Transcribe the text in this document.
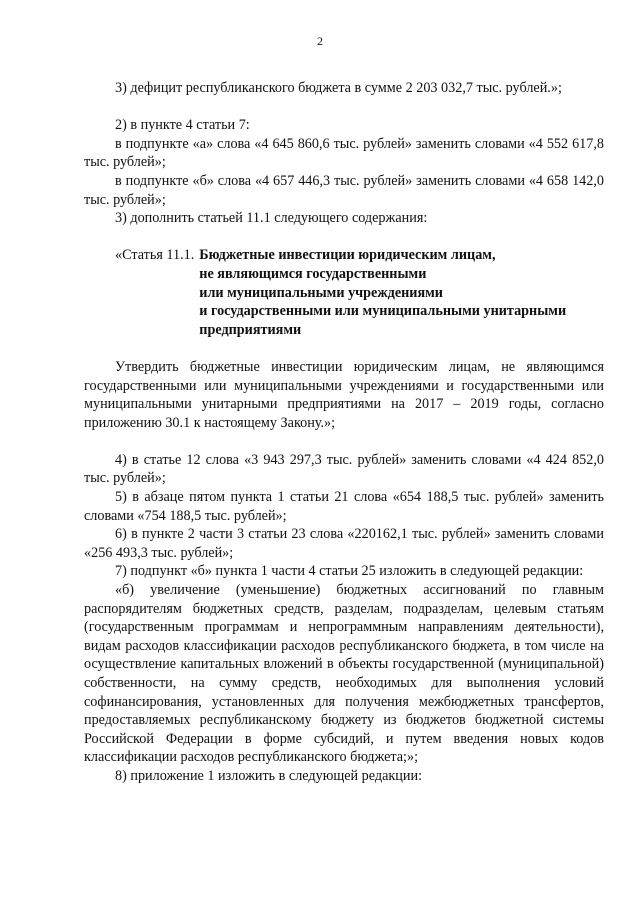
2

3) дефицит республиканского бюджета в сумме 2 203 032,7 тыс. рублей.»;

2) в пункте 4 статьи 7:

в подпункте «а» слова «4 645 860,6 тыс. рублей» заменить словами «4 552 617,8 тыс. рублей»;

в подпункте «б» слова «4 657 446,3 тыс. рублей» заменить словами «4 658 142,0 тыс. рублей»;

3) дополнить статьей 11.1 следующего содержания:

«Статья 11.1. Бюджетные инвестиции юридическим лицам,
не являющимся государственными
или муниципальными учреждениями
и государственными или муниципальными унитарными
предприятиями

Утвердить бюджетные инвестиции юридическим лицам, не являющимся государственными или муниципальными учреждениями и государственными или муниципальными унитарными предприятиями на 2017 – 2019 годы, согласно приложению 30.1 к настоящему Закону.»;

4) в статье 12 слова «3 943 297,3 тыс. рублей» заменить словами «4 424 852,0 тыс. рублей»;

5) в абзаце пятом пункта 1 статьи 21 слова «654 188,5 тыс. рублей» заменить словами «754 188,5 тыс. рублей»;

6) в пункте 2 части 3 статьи 23 слова «220162,1 тыс. рублей» заменить словами «256 493,3 тыс. рублей»;

7) подпункт «б» пункта 1 части 4 статьи 25 изложить в следующей редакции:

«б) увеличение (уменьшение) бюджетных ассигнований по главным распорядителям бюджетных средств, разделам, подразделам, целевым статьям (государственным программам и непрограммным направлениям деятельности), видам расходов классификации расходов республиканского бюджета, в том числе на осуществление капитальных вложений в объекты государственной (муниципальной) собственности, на сумму средств, необходимых для выполнения условий софинансирования, установленных для получения межбюджетных трансфертов, предоставляемых республиканскому бюджету из бюджетов бюджетной системы Российской Федерации в форме субсидий, и путем введения новых кодов классификации расходов республиканского бюджета;»;

8) приложение 1 изложить в следующей редакции:
